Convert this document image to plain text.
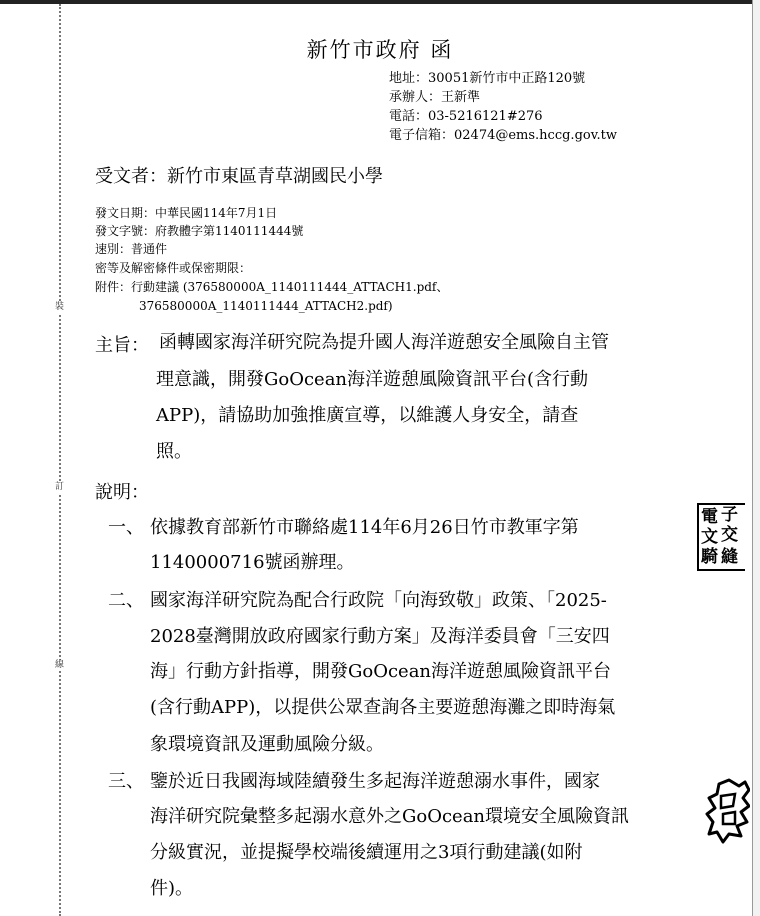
裝
訂
線
新竹市政府 函
地址：30051新竹市中正路120號
承辦人：王新準
電話：03-5216121#276
電子信箱：02474@ems.hccg.gov.tw
受文者：新竹市東區青草湖國民小學
發文日期：中華民國114年7月1日
發文字號：府教體字第1140111444號
速別：普通件
密等及解密條件或保密期限：
附件：行動建議 (376580000A_1140111444_ATTACH1.pdf、
376580000A_1140111444_ATTACH2.pdf)
主旨： 函轉國家海洋研究院為提升國人海洋遊憩安全風險自主管
理意識，開發GoOcean海洋遊憩風險資訊平台(含行動
APP)，請協助加強推廣宣導，以維護人身安全，請查
照。
說明：
一、 依據教育部新竹市聯絡處114年6月26日竹市教軍字第
1140000716號函辦理。
二、 國家海洋研究院為配合行政院「向海致敬」政策、「2025-
2028臺灣開放政府國家行動方案」及海洋委員會「三安四
海」行動方針指導，開發GoOcean海洋遊憩風險資訊平台
(含行動APP)，以提供公眾查詢各主要遊憩海灘之即時海氣
象環境資訊及運動風險分級。
三、 鑒於近日我國海域陸續發生多起海洋遊憩溺水事件，國家
海洋研究院彙整多起溺水意外之GoOcean環境安全風險資訊
分級實況，並提擬學校端後續運用之3項行動建議(如附
件)。
電 子
文 交
騎 縫
